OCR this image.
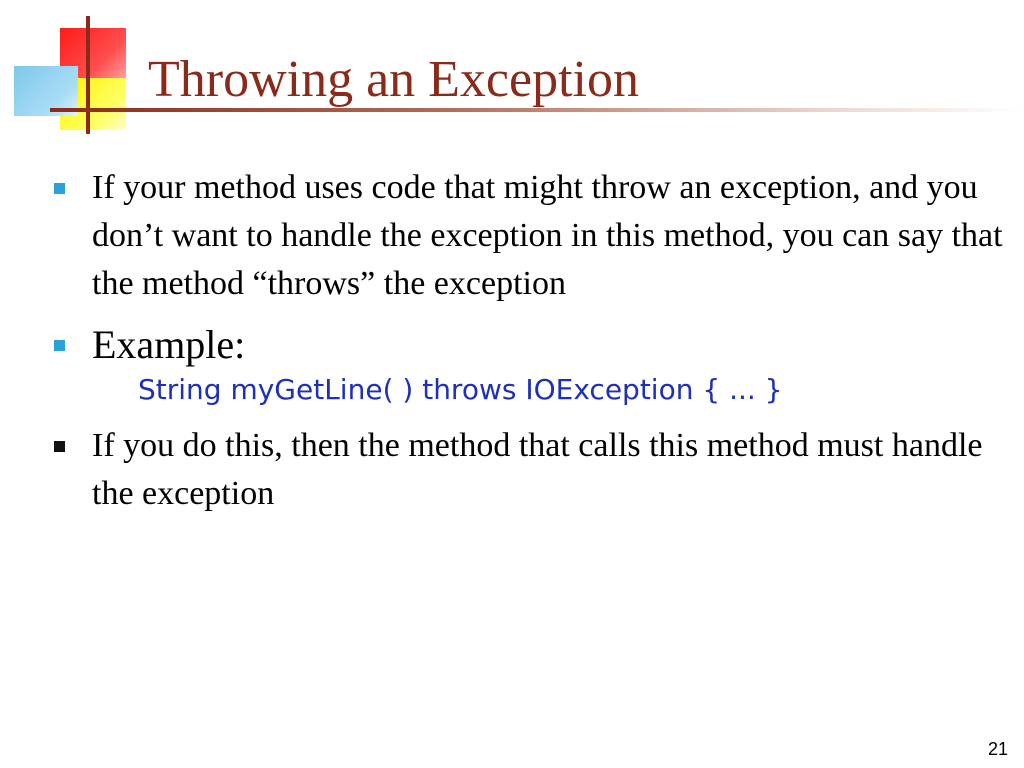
Throwing an Exception
If your method uses code that might throw an exception, and you don’t want to handle the exception in this method, you can say that the method “throws” the exception
Example:
String myGetLine( ) throws IOException { ... }
If you do this, then the method that calls this method must handle the exception
21
